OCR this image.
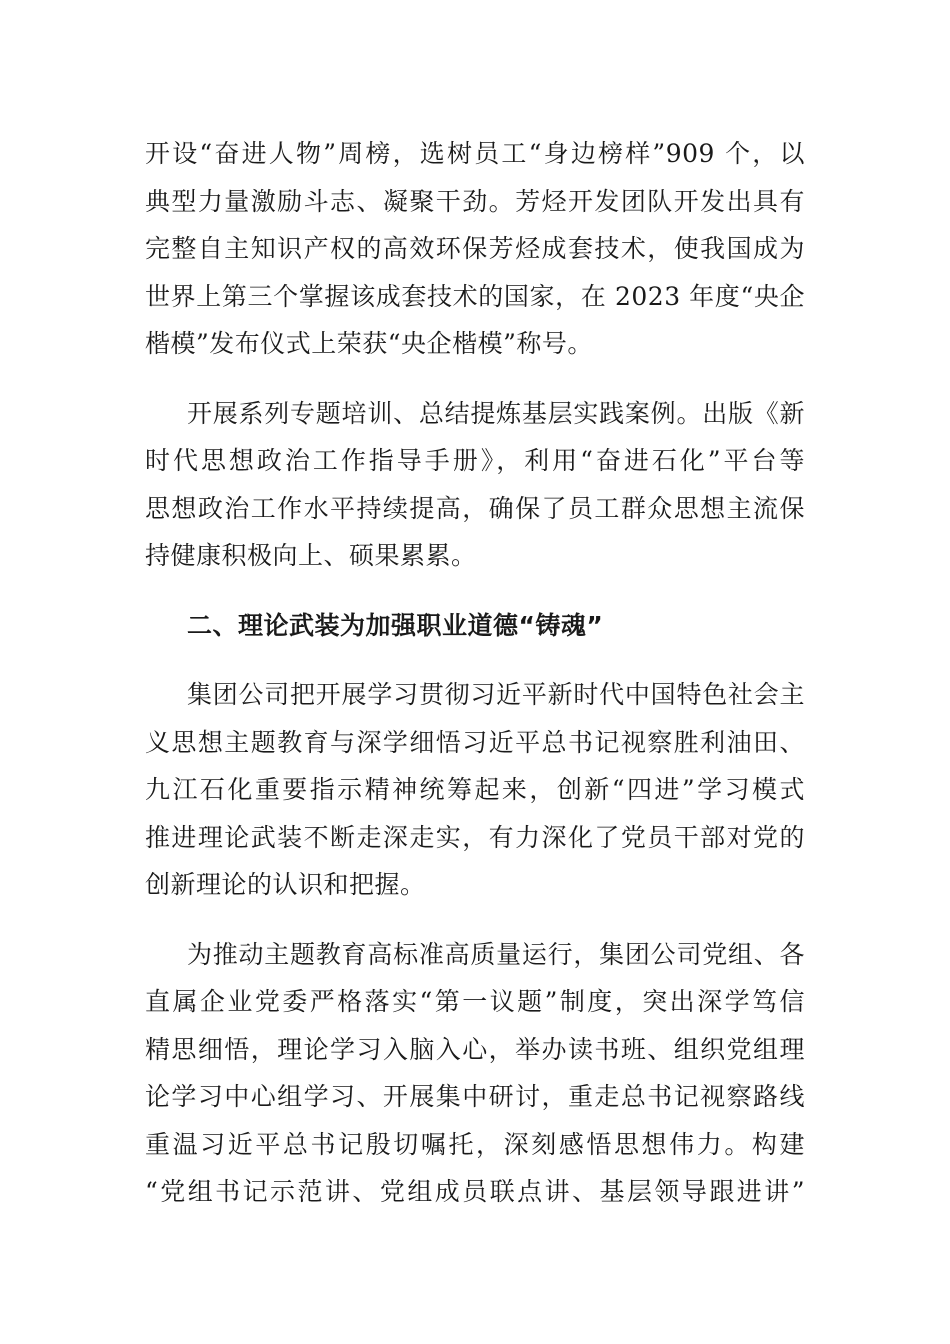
开设“奋进人物”周榜，选树员工“身边榜样”909 个，以
典型力量激励斗志、凝聚干劲。芳烃开发团队开发出具有
完整自主知识产权的高效环保芳烃成套技术，使我国成为
世界上第三个掌握该成套技术的国家，在 2023 年度“央企
楷模”发布仪式上荣获“央企楷模”称号。
开展系列专题培训、总结提炼基层实践案例。出版《新
时代思想政治工作指导手册》，利用“奋进石化”平台等
思想政治工作水平持续提高，确保了员工群众思想主流保
持健康积极向上、硕果累累。
二、理论武装为加强职业道德“铸魂”
集团公司把开展学习贯彻习近平新时代中国特色社会主
义思想主题教育与深学细悟习近平总书记视察胜利油田、
九江石化重要指示精神统筹起来，创新“四进”学习模式
推进理论武装不断走深走实，有力深化了党员干部对党的
创新理论的认识和把握。
为推动主题教育高标准高质量运行，集团公司党组、各
直属企业党委严格落实“第一议题”制度，突出深学笃信
精思细悟，理论学习入脑入心，举办读书班、组织党组理
论学习中心组学习、开展集中研讨，重走总书记视察路线
重温习近平总书记殷切嘱托，深刻感悟思想伟力。构建
“党组书记示范讲、党组成员联点讲、基层领导跟进讲”
